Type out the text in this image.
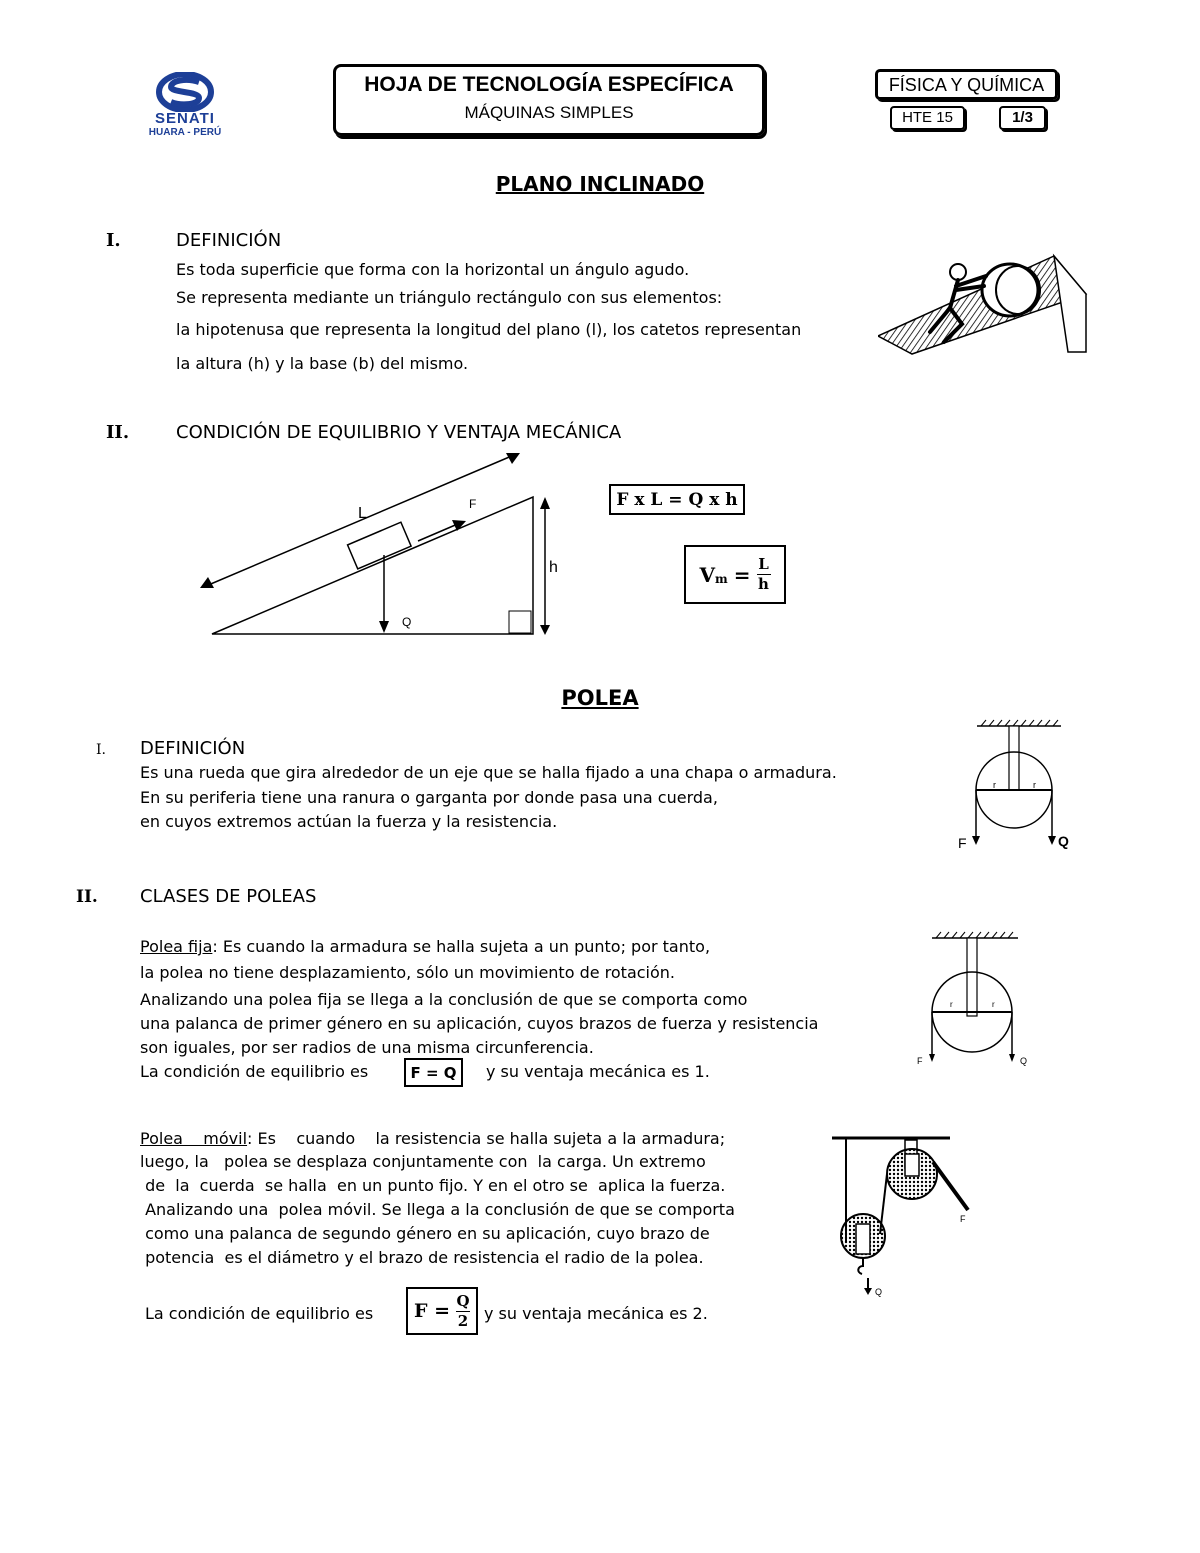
SENATI
HUARA - PERÚ
HOJA DE TECNOLOGÍA ESPECÍFICA
MÁQUINAS SIMPLES
FÍSICA Y QUÍMICA
HTE 15	1/3
PLANO INCLINADO
I.	DEFINICIÓN
Es toda superficie que forma con la horizontal un ángulo agudo.
Se representa mediante un triángulo rectángulo con sus elementos:
la hipotenusa que representa la longitud del plano (l), los catetos representan
la altura (h) y la base (b) del mismo.
II.	CONDICIÓN DE EQUILIBRIO Y VENTAJA MECÁNICA
L
F
h
Q
F x L = Q x h
V $m = \frac{L}{h}$
POLEA
I. DEFINICIÓN
Es una rueda que gira alrededor de un eje que se halla fijado a una chapa o armadura.
En su periferia tiene una ranura o garganta por donde pasa una cuerda,
en cuyos extremos actúan la fuerza y la resistencia.
F	Q
r	r
II. CLASES DE POLEAS
Polea fija: Es cuando la armadura se halla sujeta a un punto; por tanto,
la polea no tiene desplazamiento, sólo un movimiento de rotación.
Analizando una polea fija se llega a la conclusión de que se comporta como
una palanca de primer género en su aplicación, cuyos brazos de fuerza y resistencia
son iguales, por ser radios de una misma circunferencia.
La condición de equilibrio es	F = Q	y su ventaja mecánica es 1.
F	Q
r	r
Polea    móvil: Es    cuando    la resistencia se halla sujeta a la armadura;
luego, la   polea se desplaza conjuntamente con  la carga. Un extremo
de  la  cuerda  se halla  en un punto fijo. Y en el otro se  aplica la fuerza.
Analizando una  polea móvil. Se llega a la conclusión de que se comporta
como una palanca de segundo género en su aplicación, cuyo brazo de
potencia  es el diámetro y el brazo de resistencia el radio de la polea.
La condición de equilibrio es $F = \frac{Q}{2}$ y su ventaja mecánica es 2.
F
Q
